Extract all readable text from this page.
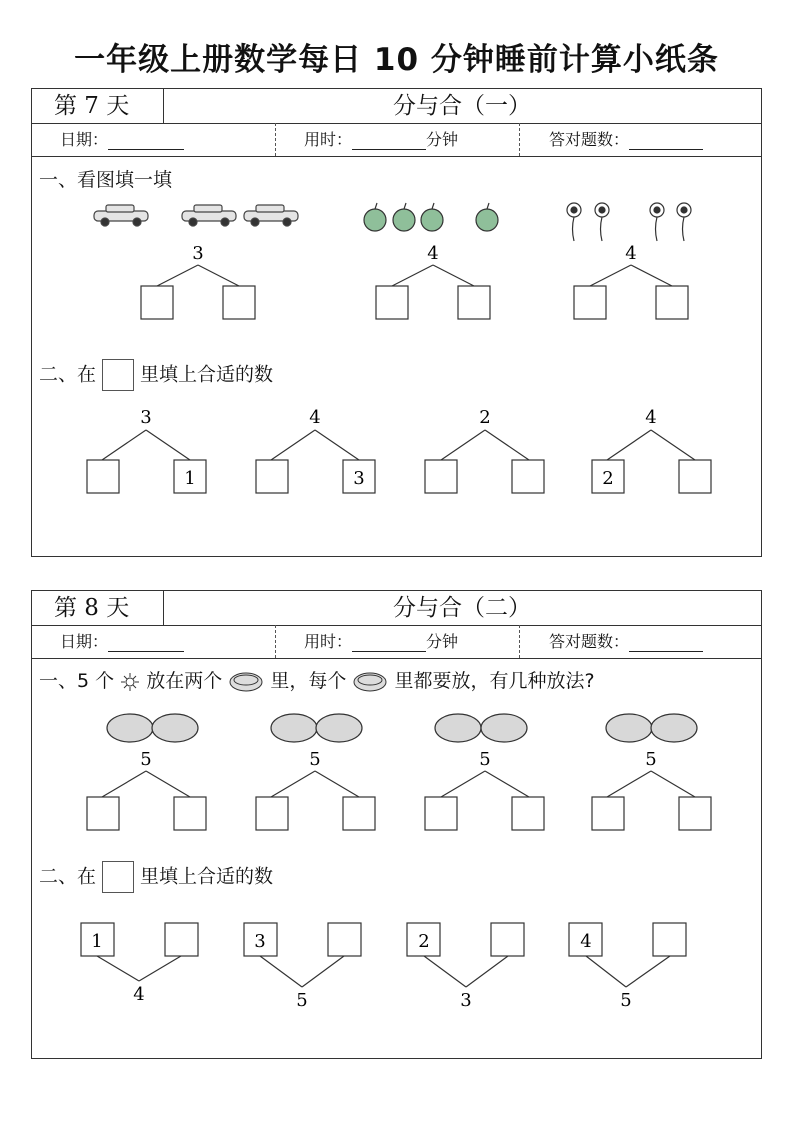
一年级上册数学每日 10 分钟睡前计算小纸条
第 7 天	分与合（一）
日期：	用时：	分钟	答对题数：
一、看图填一填
3	4	4
3	4	2	4
1	3	2
二、在 里填上合适的数
第 8 天	分与合（二）
日期：	用时：	分钟	答对题数：
一、5 个 放在两个	里，每个	里都要放，有几种放法?
5	5	5	5
1	3	2	4
4	5	3	5
二、在 里填上合适的数
